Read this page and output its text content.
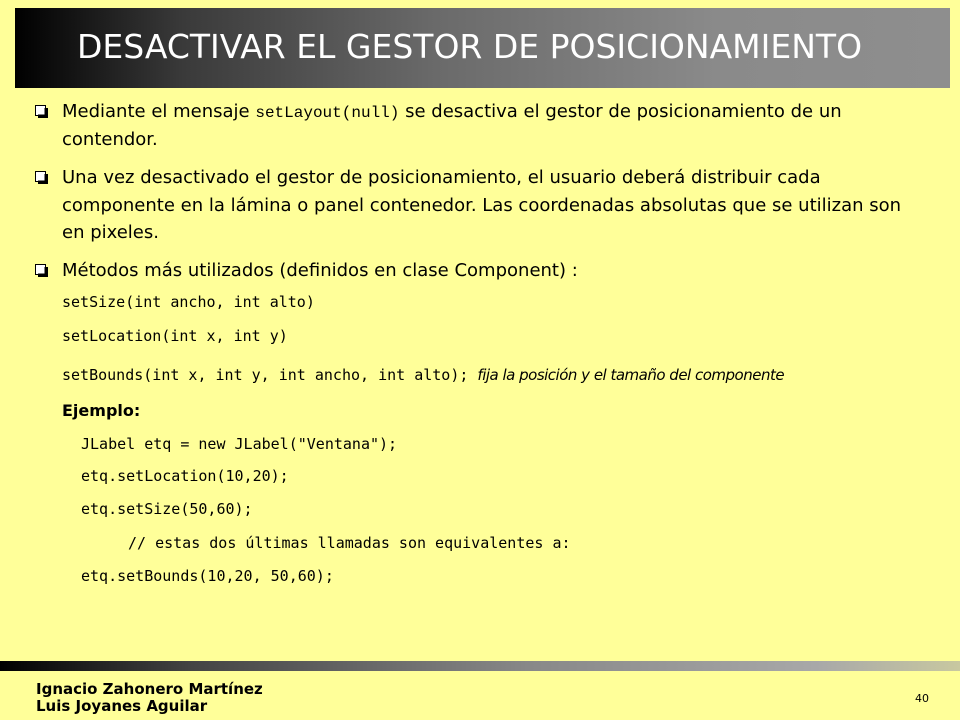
DESACTIVAR EL GESTOR DE POSICIONAMIENTO
Mediante el mensaje setLayout(null) se desactiva el gestor de posicionamiento de un
contendor.
Una vez desactivado el gestor de posicionamiento, el usuario deberá distribuir cada
componente en la lámina o panel contenedor. Las coordenadas absolutas que se utilizan son
en pixeles.
Métodos más utilizados (definidos en clase Component) :
setSize(int ancho, int alto)
setLocation(int x, int y)
setBounds(int x, int y, int ancho, int alto); fija la posición y el tamaño del componente
Ejemplo:
JLabel etq = new JLabel("Ventana");
etq.setLocation(10,20);
etq.setSize(50,60);
// estas dos últimas llamadas son equivalentes a:
etq.setBounds(10,20, 50,60);
Ignacio Zahonero Martínez
Luis Joyanes Aguilar	40
